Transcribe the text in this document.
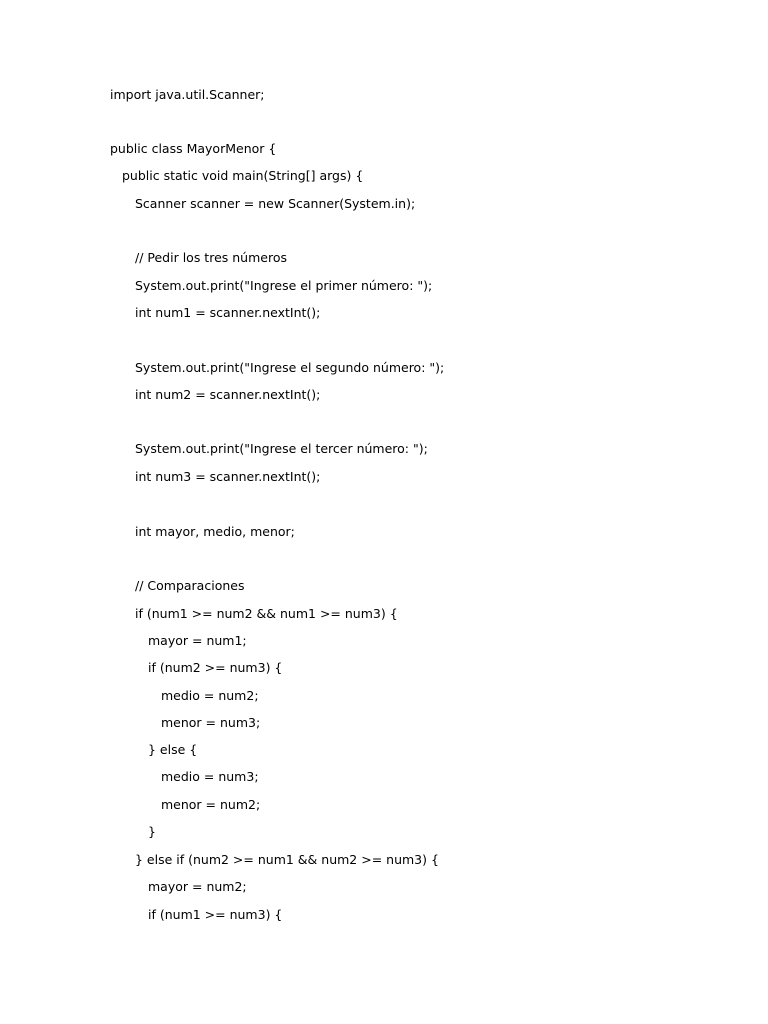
import java.util.Scanner;
public class MayorMenor {
public static void main(String[] args) {
Scanner scanner = new Scanner(System.in);
// Pedir los tres números
System.out.print("Ingrese el primer número: ");
int num1 = scanner.nextInt();
System.out.print("Ingrese el segundo número: ");
int num2 = scanner.nextInt();
System.out.print("Ingrese el tercer número: ");
int num3 = scanner.nextInt();
int mayor, medio, menor;
// Comparaciones
if (num1 >= num2 && num1 >= num3) {
mayor = num1;
if (num2 >= num3) {
medio = num2;
menor = num3;
} else {
medio = num3;
menor = num2;
}
} else if (num2 >= num1 && num2 >= num3) {
mayor = num2;
if (num1 >= num3) {
